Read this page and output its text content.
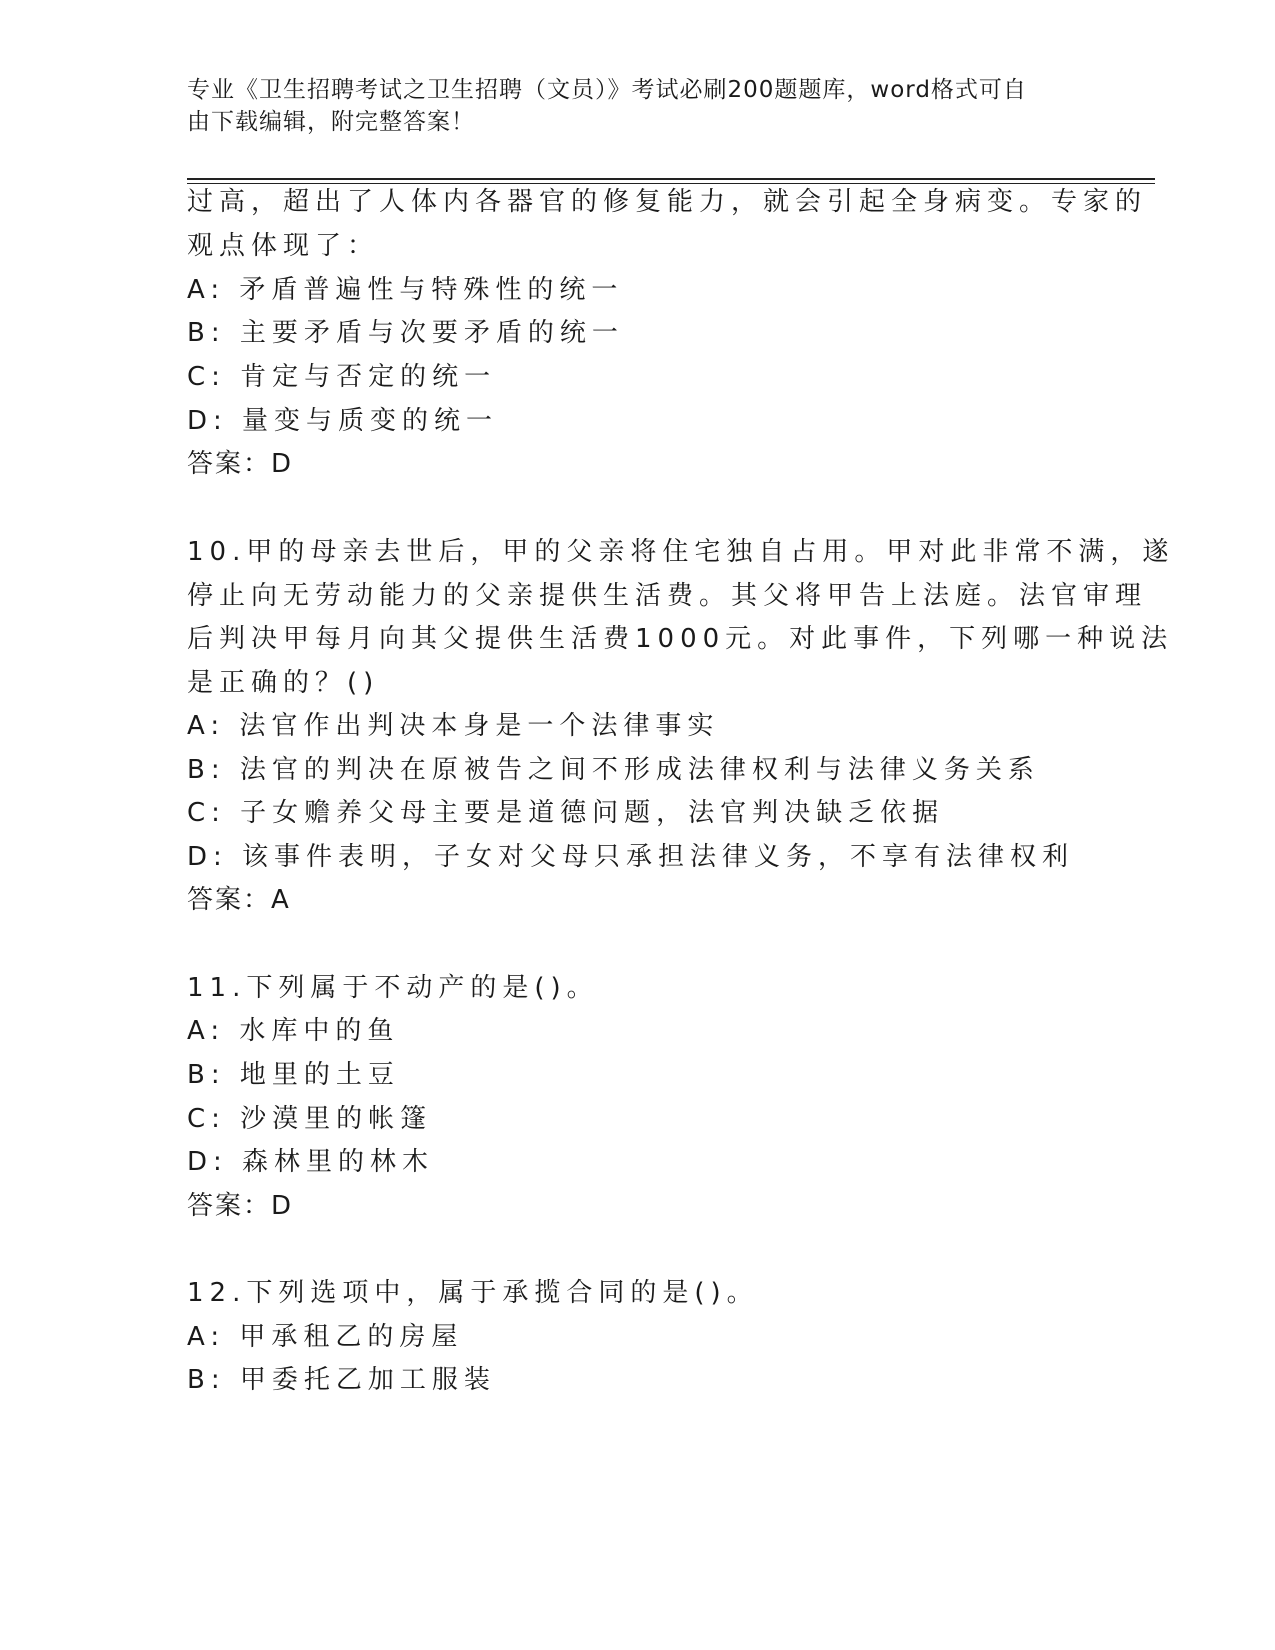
专业《卫生招聘考试之卫生招聘（文员）》考试必刷200题题库，word格式可自
由下载编辑，附完整答案！
过高，超出了人体内各器官的修复能力，就会引起全身病变。专家的
观点体现了：
A: 矛盾普遍性与特殊性的统一
B: 主要矛盾与次要矛盾的统一
C: 肯定与否定的统一
D: 量变与质变的统一
答案：D
10.甲的母亲去世后，甲的父亲将住宅独自占用。甲对此非常不满，遂
停止向无劳动能力的父亲提供生活费。其父将甲告上法庭。法官审理
后判决甲每月向其父提供生活费1000元。对此事件，下列哪一种说法
是正确的？()
A: 法官作出判决本身是一个法律事实
B: 法官的判决在原被告之间不形成法律权利与法律义务关系
C: 子女赡养父母主要是道德问题，法官判决缺乏依据
D: 该事件表明，子女对父母只承担法律义务，不享有法律权利
答案：A
11.下列属于不动产的是()。
A: 水库中的鱼
B: 地里的土豆
C: 沙漠里的帐篷
D: 森林里的林木
答案：D
12.下列选项中，属于承揽合同的是()。
A: 甲承租乙的房屋
B: 甲委托乙加工服装
